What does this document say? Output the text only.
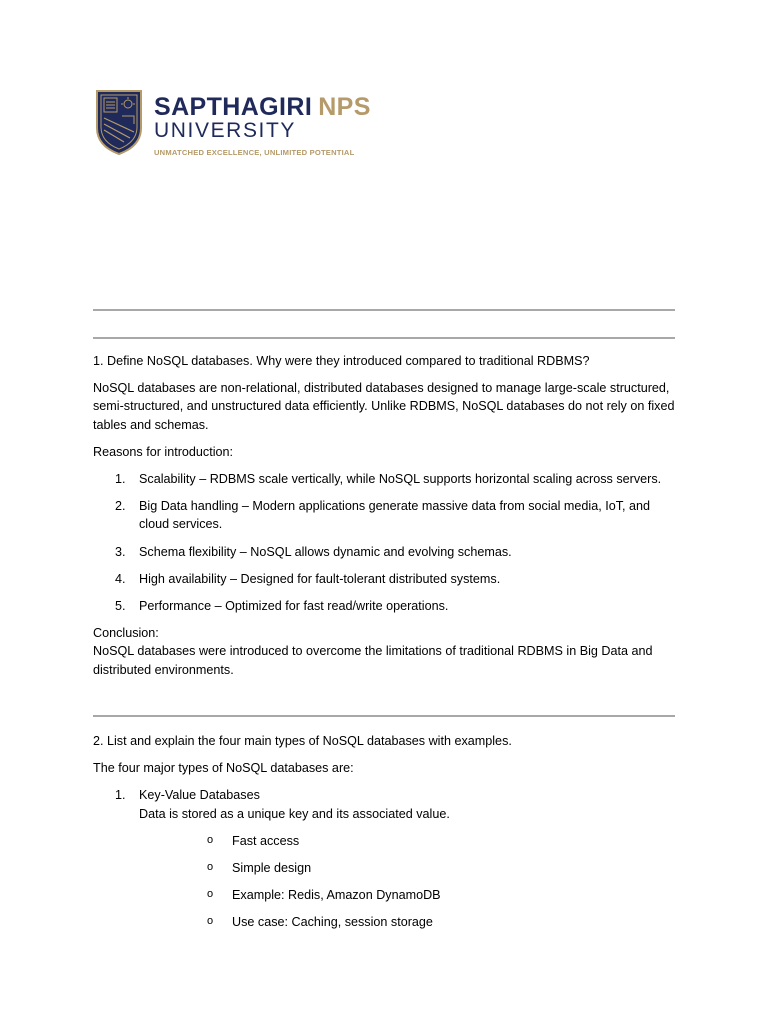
SAPTHAGIRI NPS
UNIVERSITY
UNMATCHED EXCELLENCE, UNLIMITED POTENTIAL

1. Define NoSQL databases. Why were they introduced compared to traditional RDBMS?

NoSQL databases are non-relational, distributed databases designed to manage large-scale structured, semi-structured, and unstructured data efficiently. Unlike RDBMS, NoSQL databases do not rely on fixed tables and schemas.

Reasons for introduction:

1. Scalability – RDBMS scale vertically, while NoSQL supports horizontal scaling across servers.
2. Big Data handling – Modern applications generate massive data from social media, IoT, and cloud services.
3. Schema flexibility – NoSQL allows dynamic and evolving schemas.
4. High availability – Designed for fault-tolerant distributed systems.
5. Performance – Optimized for fast read/write operations.

Conclusion:

NoSQL databases were introduced to overcome the limitations of traditional RDBMS in Big Data and distributed environments.

2. List and explain the four main types of NoSQL databases with examples.

The four major types of NoSQL databases are:

1. Key-Value Databases
Data is stored as a unique key and its associated value.
o Fast access
o Simple design
o Example: Redis, Amazon DynamoDB
o Use case: Caching, session storage
